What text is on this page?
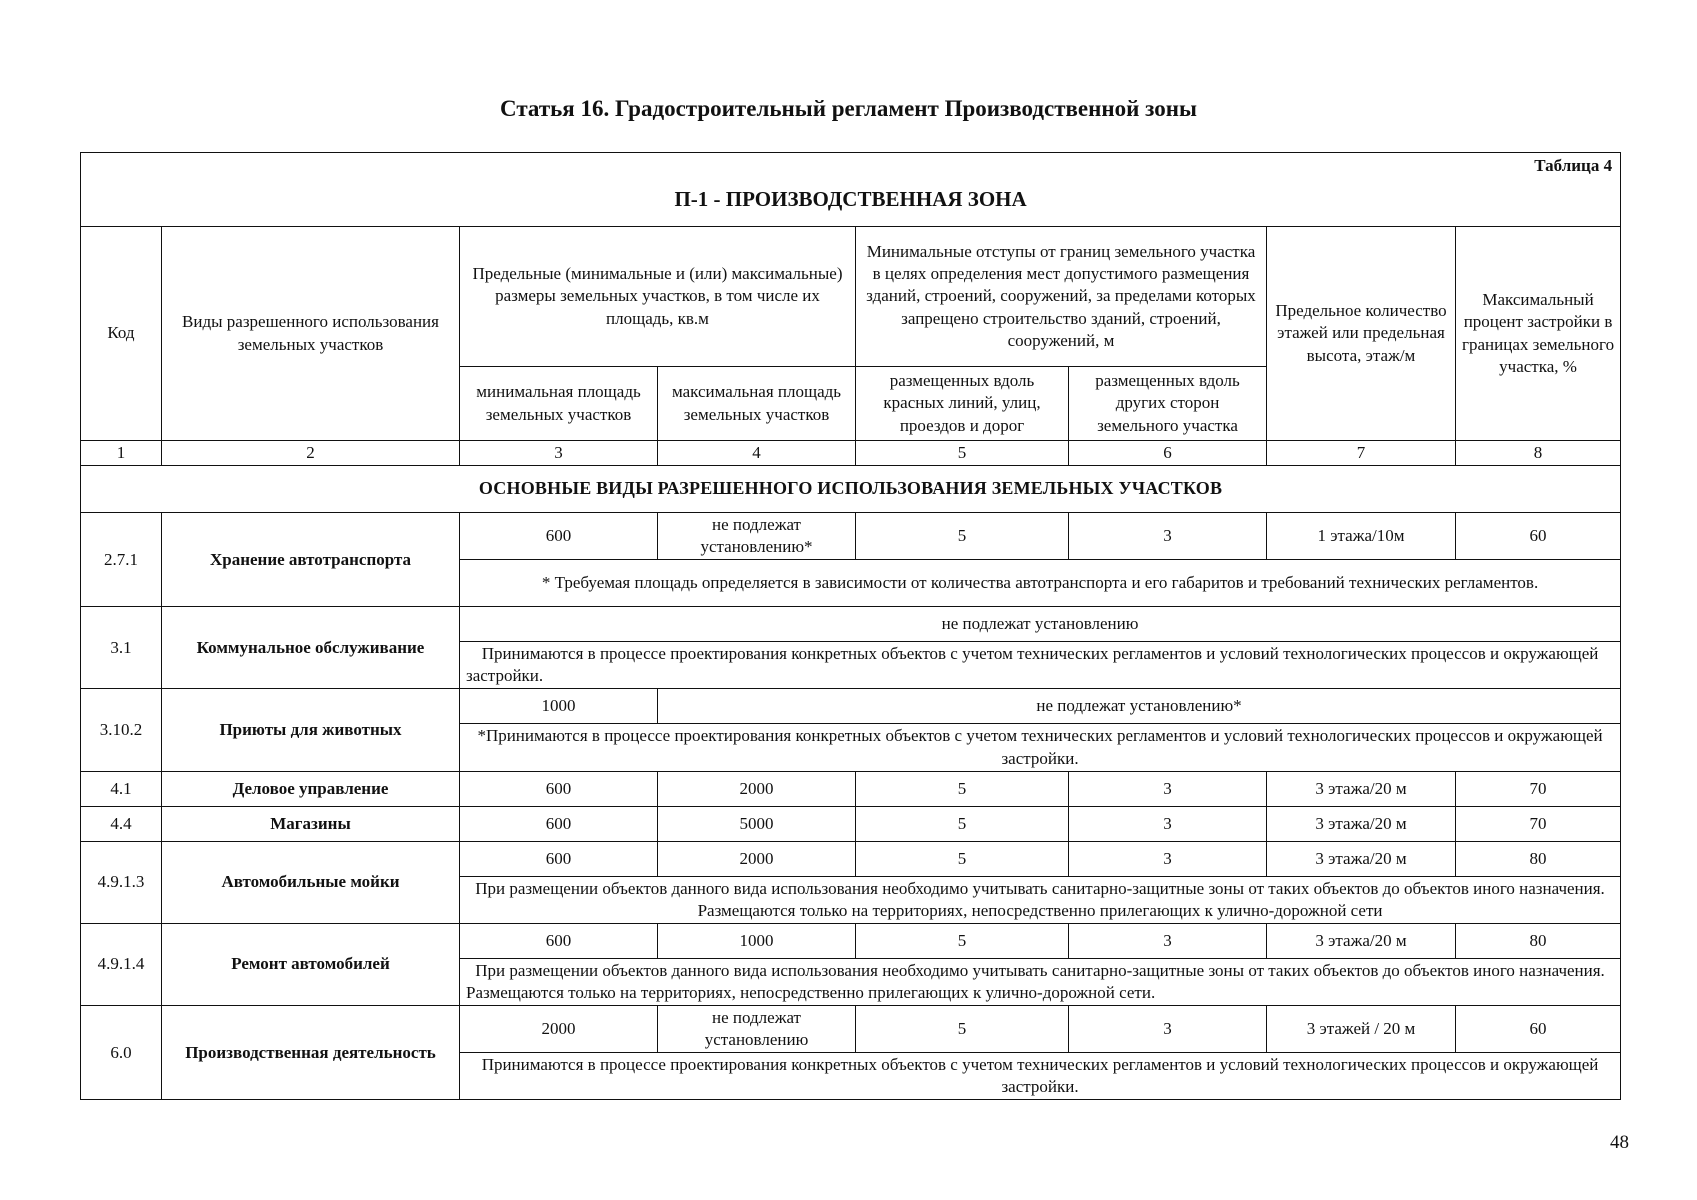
Статья 16. Градостроительный регламент Производственной зоны
Таблица 4
П-1 - ПРОИЗВОДСТВЕННАЯ ЗОНА							

Код	Виды разрешенного использования земельных участков	Предельные (минимальные и (или) максимальные) размеры земельных участков, в том числе их площадь, кв.м		Минимальные отступы от границ земельного участка в целях определения мест допустимого размещения зданий, строений, сооружений, за пределами которых запрещено строительство зданий, строений, сооружений, м		Предельное количество этажей или предельная высота, этаж/м	Максимальный процент застройки в границах земельного участка, %
		минимальная площадь земельных участков	максимальная площадь земельных участков	размещенных вдоль красных линий, улиц, проездов и дорог	размещенных вдоль других сторон земельного участка		
1	2	3	4	5	6	7	8
ОСНОВНЫЕ ВИДЫ РАЗРЕШЕННОГО ИСПОЛЬЗОВАНИЯ ЗЕМЕЛЬНЫХ УЧАСТКОВ							
2.7.1	Хранение автотранспорта	600	не подлежат установлению*	5	3	1 этажа/10м	60
		* Требуемая площадь определяется в зависимости от количества автотранспорта и его габаритов и требований технических регламентов.					
3.1	Коммунальное обслуживание	не подлежат установлению					
		Принимаются в процессе проектирования конкретных объектов с учетом технических регламентов и условий технологических процессов и окружающей застройки.					
3.10.2	Приюты для животных	1000	не подлежат установлению*				
		*Принимаются в процессе проектирования конкретных объектов с учетом технических регламентов и условий технологических процессов и окружающей застройки.					
4.1	Деловое управление	600	2000	5	3	3 этажа/20 м	70
4.4	Магазины	600	5000	5	3	3 этажа/20 м	70
4.9.1.3	Автомобильные мойки	600	2000	5	3	3 этажа/20 м	80
		При размещении объектов данного вида использования необходимо учитывать санитарно-защитные зоны от таких объектов до объектов иного назначения. Размещаются только на территориях, непосредственно прилегающих к улично-дорожной сети					
4.9.1.4	Ремонт автомобилей	600	1000	5	3	3 этажа/20 м	80
		При размещении объектов данного вида использования необходимо учитывать санитарно-защитные зоны от таких объектов до объектов иного назначения. Размещаются только на территориях, непосредственно прилегающих к улично-дорожной сети.					
6.0	Производственная деятельность	2000	не подлежат установлению	5	3	3 этажей / 20 м	60
		Принимаются в процессе проектирования конкретных объектов с учетом технических регламентов и условий технологических процессов и окружающей застройки.					
48
